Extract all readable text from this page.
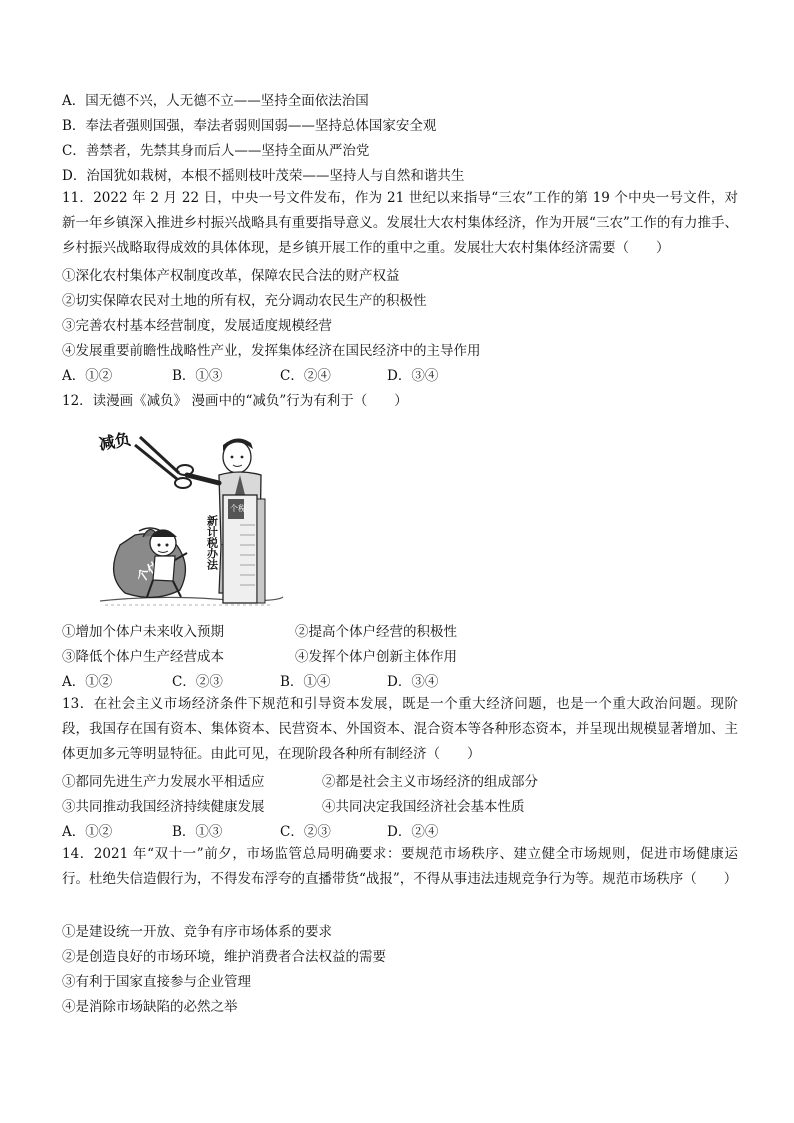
A．国无德不兴，人无德不立——坚持全面依法治国
B．奉法者强则国强，奉法者弱则国弱——坚持总体国家安全观
C．善禁者，先禁其身而后人——坚持全面从严治党
D．治国犹如栽树，本根不摇则枝叶茂荣——坚持人与自然和谐共生
11．2022 年 2 月 22 日，中央一号文件发布，作为 21 世纪以来指导“三农”工作的第 19 个中央一号文件，对新一年乡镇深入推进乡村振兴战略具有重要指导意义。发展壮大农村集体经济，作为开展“三农”工作的有力推手、乡村振兴战略取得成效的具体体现，是乡镇开展工作的重中之重。发展壮大农村集体经济需要（　　）
①深化农村集体产权制度改革，保障农民合法的财产权益
②切实保障农民对土地的所有权，充分调动农民生产的积极性
③完善农村基本经营制度，发展适度规模经营
④发展重要前瞻性战略性产业，发挥集体经济在国民经济中的主导作用
A．①②	B．①③	C．②④	D．③④
12．读漫画《减负》 漫画中的“减负”行为有利于（　　）
减负
个税
新计税办法
①增加个体户未来收入预期	②提高个体户经营的积极性
③降低个体户生产经营成本	④发挥个体户创新主体作用
A．①②	C．②③	B．①④	D．③④
13．在社会主义市场经济条件下规范和引导资本发展，既是一个重大经济问题，也是一个重大政治问题。现阶段，我国存在国有资本、集体资本、民营资本、外国资本、混合资本等各种形态资本，并呈现出规模显著增加、主体更加多元等明显特征。由此可见，在现阶段各种所有制经济（　　）
①都同先进生产力发展水平相适应	②都是社会主义市场经济的组成部分
③共同推动我国经济持续健康发展	④共同决定我国经济社会基本性质
A．①②	B．①③	C．②③	D．②④
14．2021 年“双十一”前夕，市场监管总局明确要求：要规范市场秩序、建立健全市场规则，促进市场健康运行。杜绝失信造假行为，不得发布浮夸的直播带货“战报”，不得从事违法违规竞争行为等。规范市场秩序（　　）
①是建设统一开放、竞争有序市场体系的要求
②是创造良好的市场环境，维护消费者合法权益的需要
③有利于国家直接参与企业管理
④是消除市场缺陷的必然之举
